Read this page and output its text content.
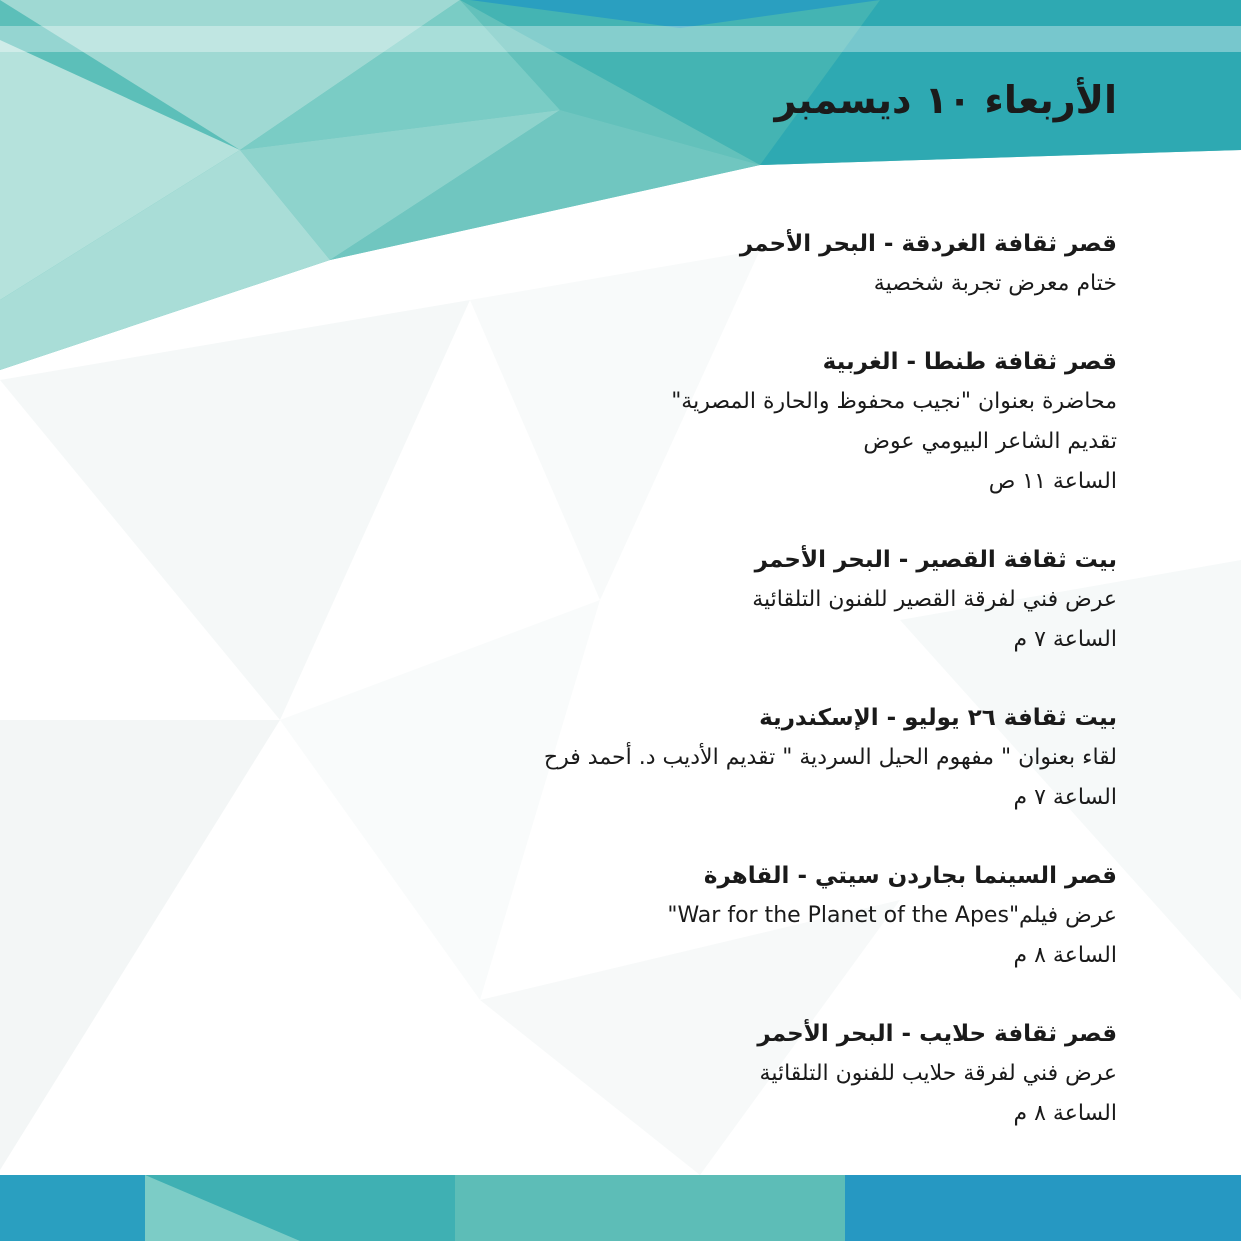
الأربعاء ١٠ ديسمبر
قصر ثقافة الغردقة - البحر الأحمر
ختام معرض تجربة شخصية
قصر ثقافة طنطا - الغربية
محاضرة بعنوان "نجيب محفوظ والحارة المصرية"
تقديم الشاعر البيومي عوض
الساعة ١١ ص
بيت ثقافة القصير - البحر الأحمر
عرض فني لفرقة القصير للفنون التلقائية
الساعة ٧ م
بيت ثقافة ٢٦ يوليو - الإسكندرية
لقاء بعنوان " مفهوم الحيل السردية " تقديم الأديب د. أحمد فرح
الساعة ٧ م
قصر السينما بجاردن سيتي - القاهرة
عرض فيلم"War for the Planet of the Apes"
الساعة ٨ م
قصر ثقافة حلايب - البحر الأحمر
عرض فني لفرقة حلايب للفنون التلقائية
الساعة ٨ م
